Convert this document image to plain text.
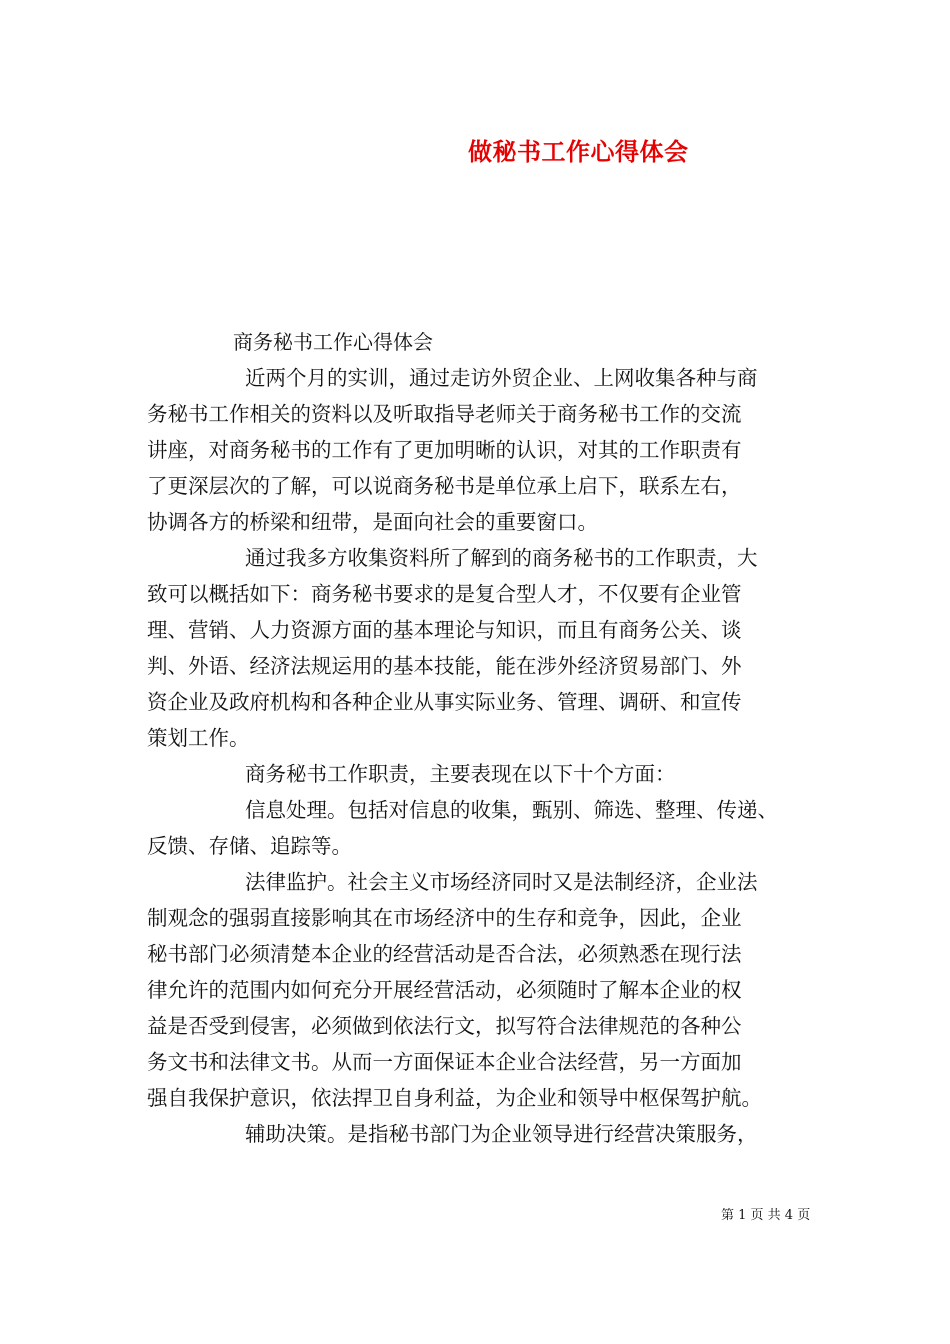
做秘书工作心得体会
商务秘书工作心得体会
近两个月的实训，通过走访外贸企业、上网收集各种与商
务秘书工作相关的资料以及听取指导老师关于商务秘书工作的交流
讲座，对商务秘书的工作有了更加明晰的认识，对其的工作职责有
了更深层次的了解，可以说商务秘书是单位承上启下，联系左右，
协调各方的桥梁和纽带，是面向社会的重要窗口。
通过我多方收集资料所了解到的商务秘书的工作职责，大
致可以概括如下：商务秘书要求的是复合型人才，不仅要有企业管
理、营销、人力资源方面的基本理论与知识，而且有商务公关、谈
判、外语、经济法规运用的基本技能，能在涉外经济贸易部门、外
资企业及政府机构和各种企业从事实际业务、管理、调研、和宣传
策划工作。
商务秘书工作职责，主要表现在以下十个方面：
信息处理。包括对信息的收集，甄别、筛选、整理、传递、
反馈、存储、追踪等。
法律监护。社会主义市场经济同时又是法制经济，企业法
制观念的强弱直接影响其在市场经济中的生存和竞争，因此，企业
秘书部门必须清楚本企业的经营活动是否合法，必须熟悉在现行法
律允许的范围内如何充分开展经营活动，必须随时了解本企业的权
益是否受到侵害，必须做到依法行文，拟写符合法律规范的各种公
务文书和法律文书。从而一方面保证本企业合法经营，另一方面加
强自我保护意识，依法捍卫自身利益，为企业和领导中枢保驾护航。
辅助决策。是指秘书部门为企业领导进行经营决策服务，
第 1 页 共 4 页
